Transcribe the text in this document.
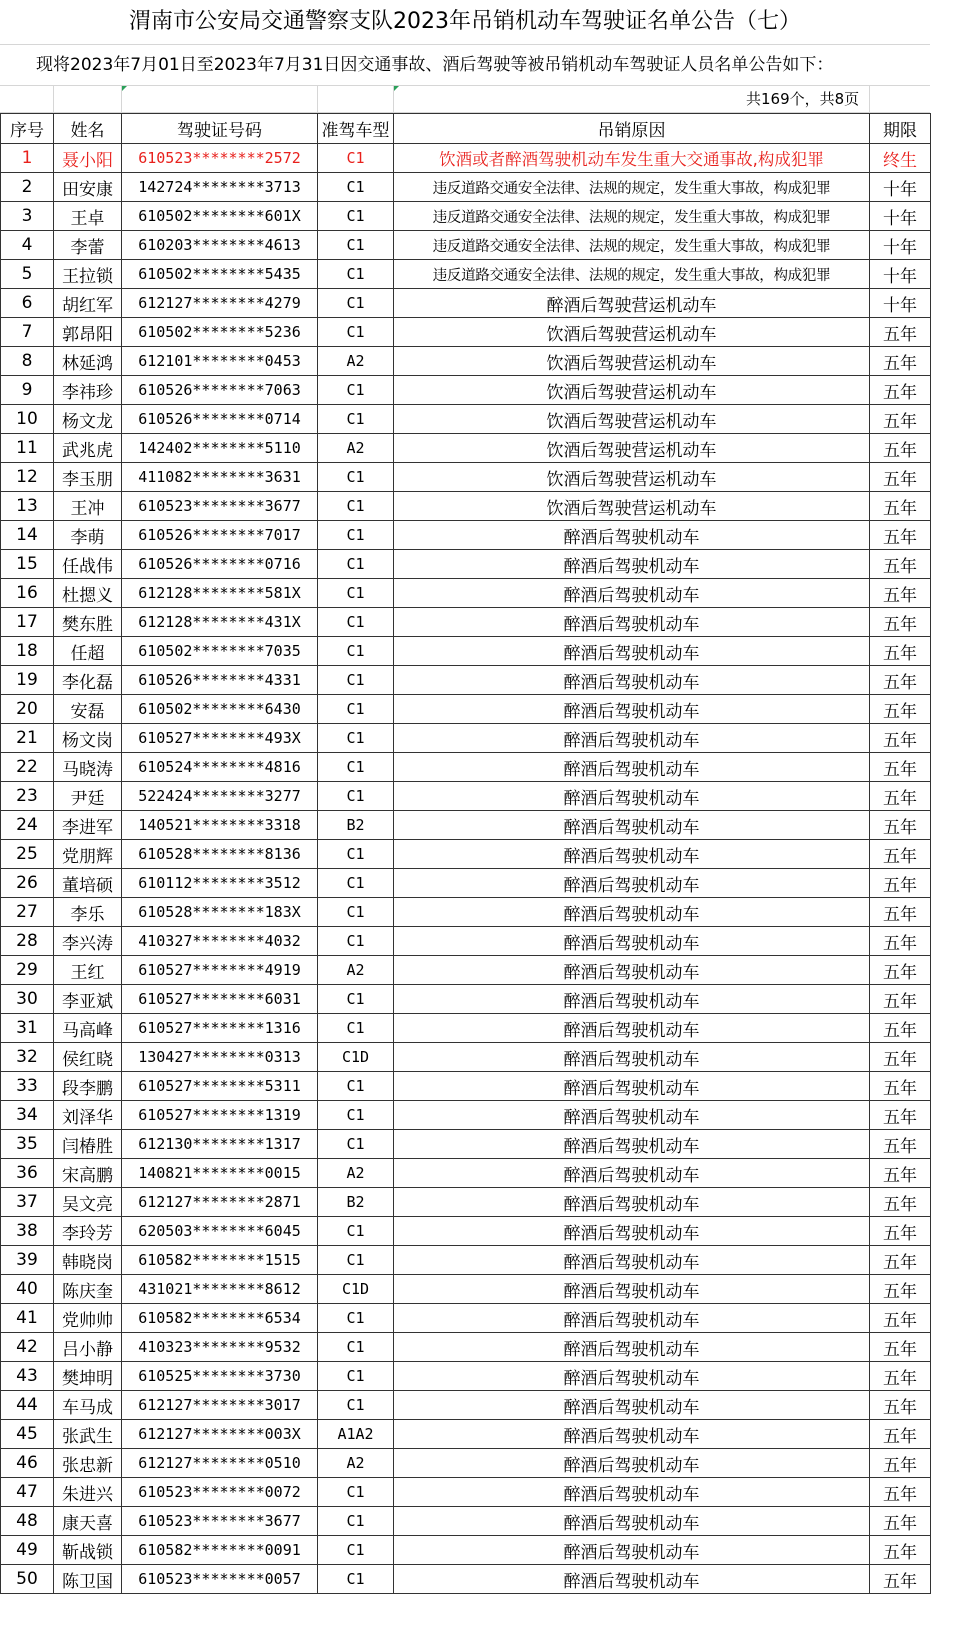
渭南市公安局交通警察支队2023年吊销机动车驾驶证名单公告（七）
现将2023年7月01日至2023年7月31日因交通事故、酒后驾驶等被吊销机动车驾驶证人员名单公告如下：
共169个，共8页
序号	姓名	驾驶证号码	准驾车型	吊销原因	期限
1	聂小阳	610523********2572	C1	饮酒或者醉酒驾驶机动车发生重大交通事故,构成犯罪	终生
2	田安康	142724********3713	C1	违反道路交通安全法律、法规的规定，发生重大事故，构成犯罪	十年
3	王卓	610502********601X	C1	违反道路交通安全法律、法规的规定，发生重大事故，构成犯罪	十年
4	李蕾	610203********4613	C1	违反道路交通安全法律、法规的规定，发生重大事故，构成犯罪	十年
5	王拉锁	610502********5435	C1	违反道路交通安全法律、法规的规定，发生重大事故，构成犯罪	十年
6	胡红军	612127********4279	C1	醉酒后驾驶营运机动车	十年
7	郭昂阳	610502********5236	C1	饮酒后驾驶营运机动车	五年
8	林延鸿	612101********0453	A2	饮酒后驾驶营运机动车	五年
9	李祎珍	610526********7063	C1	饮酒后驾驶营运机动车	五年
10	杨文龙	610526********0714	C1	饮酒后驾驶营运机动车	五年
11	武兆虎	142402********5110	A2	饮酒后驾驶营运机动车	五年
12	李玉朋	411082********3631	C1	饮酒后驾驶营运机动车	五年
13	王冲	610523********3677	C1	饮酒后驾驶营运机动车	五年
14	李萌	610526********7017	C1	醉酒后驾驶机动车	五年
15	任战伟	610526********0716	C1	醉酒后驾驶机动车	五年
16	杜摁义	612128********581X	C1	醉酒后驾驶机动车	五年
17	樊东胜	612128********431X	C1	醉酒后驾驶机动车	五年
18	任超	610502********7035	C1	醉酒后驾驶机动车	五年
19	李化磊	610526********4331	C1	醉酒后驾驶机动车	五年
20	安磊	610502********6430	C1	醉酒后驾驶机动车	五年
21	杨文岗	610527********493X	C1	醉酒后驾驶机动车	五年
22	马晓涛	610524********4816	C1	醉酒后驾驶机动车	五年
23	尹廷	522424********3277	C1	醉酒后驾驶机动车	五年
24	李进军	140521********3318	B2	醉酒后驾驶机动车	五年
25	党朋辉	610528********8136	C1	醉酒后驾驶机动车	五年
26	董培硕	610112********3512	C1	醉酒后驾驶机动车	五年
27	李乐	610528********183X	C1	醉酒后驾驶机动车	五年
28	李兴涛	410327********4032	C1	醉酒后驾驶机动车	五年
29	王红	610527********4919	A2	醉酒后驾驶机动车	五年
30	李亚斌	610527********6031	C1	醉酒后驾驶机动车	五年
31	马高峰	610527********1316	C1	醉酒后驾驶机动车	五年
32	侯红晓	130427********0313	C1D	醉酒后驾驶机动车	五年
33	段李鹏	610527********5311	C1	醉酒后驾驶机动车	五年
34	刘泽华	610527********1319	C1	醉酒后驾驶机动车	五年
35	闫椿胜	612130********1317	C1	醉酒后驾驶机动车	五年
36	宋高鹏	140821********0015	A2	醉酒后驾驶机动车	五年
37	吴文亮	612127********2871	B2	醉酒后驾驶机动车	五年
38	李玲芳	620503********6045	C1	醉酒后驾驶机动车	五年
39	韩晓岗	610582********1515	C1	醉酒后驾驶机动车	五年
40	陈庆奎	431021********8612	C1D	醉酒后驾驶机动车	五年
41	党帅帅	610582********6534	C1	醉酒后驾驶机动车	五年
42	吕小静	410323********9532	C1	醉酒后驾驶机动车	五年
43	樊坤明	610525********3730	C1	醉酒后驾驶机动车	五年
44	车马成	612127********3017	C1	醉酒后驾驶机动车	五年
45	张武生	612127********003X	A1A2	醉酒后驾驶机动车	五年
46	张忠新	612127********0510	A2	醉酒后驾驶机动车	五年
47	朱进兴	610523********0072	C1	醉酒后驾驶机动车	五年
48	康天喜	610523********3677	C1	醉酒后驾驶机动车	五年
49	靳战锁	610582********0091	C1	醉酒后驾驶机动车	五年
50	陈卫国	610523********0057	C1	醉酒后驾驶机动车	五年
